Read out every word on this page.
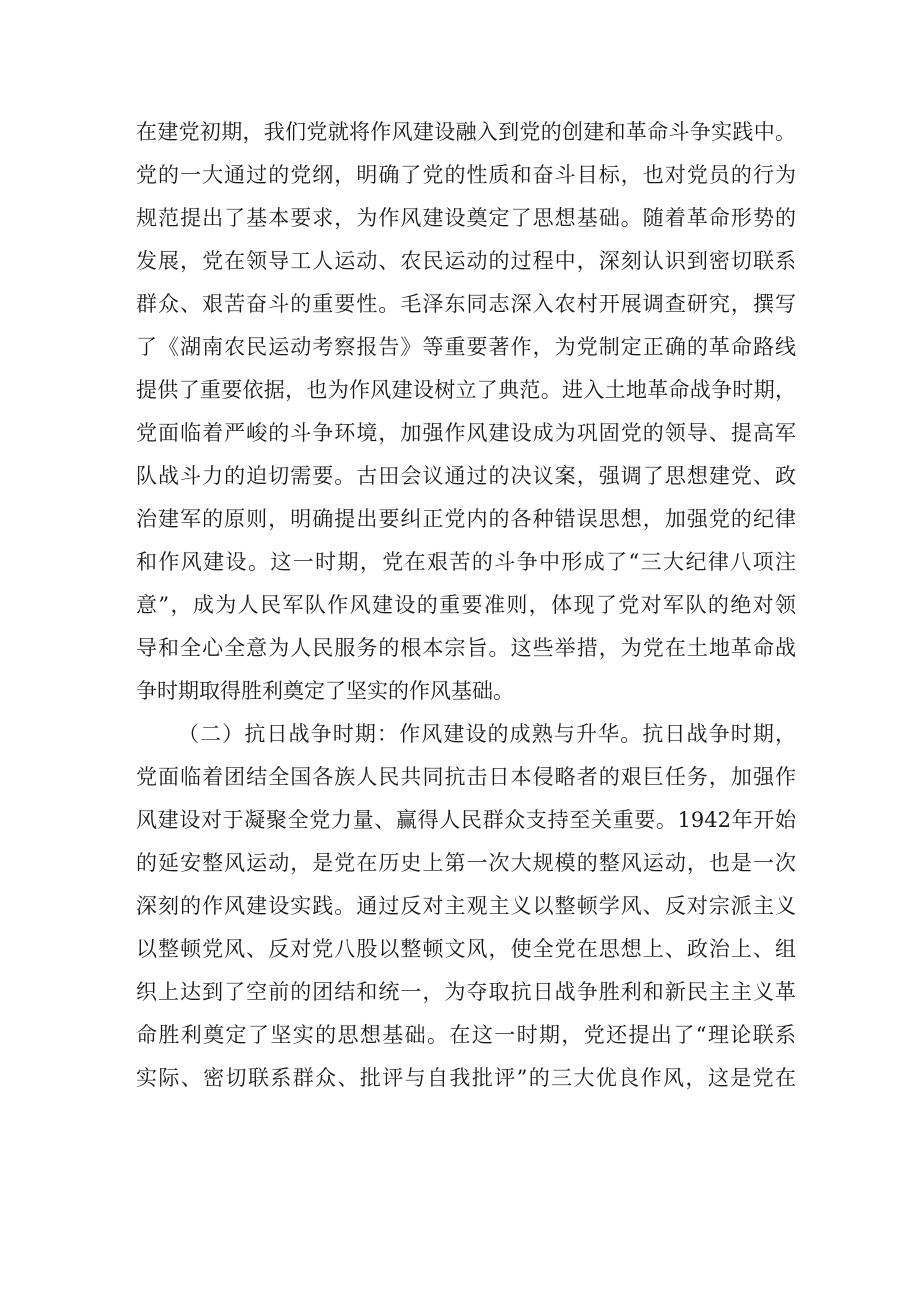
在建党初期，我们党就将作风建设融入到党的创建和革命斗争实践中。
党的一大通过的党纲，明确了党的性质和奋斗目标，也对党员的行为
规范提出了基本要求，为作风建设奠定了思想基础。随着革命形势的
发展，党在领导工人运动、农民运动的过程中，深刻认识到密切联系
群众、艰苦奋斗的重要性。毛泽东同志深入农村开展调查研究，撰写
了《湖南农民运动考察报告》等重要著作，为党制定正确的革命路线
提供了重要依据，也为作风建设树立了典范。进入土地革命战争时期，
党面临着严峻的斗争环境，加强作风建设成为巩固党的领导、提高军
队战斗力的迫切需要。古田会议通过的决议案，强调了思想建党、政
治建军的原则，明确提出要纠正党内的各种错误思想，加强党的纪律
和作风建设。这一时期，党在艰苦的斗争中形成了“三大纪律八项注
意”，成为人民军队作风建设的重要准则，体现了党对军队的绝对领
导和全心全意为人民服务的根本宗旨。这些举措，为党在土地革命战
争时期取得胜利奠定了坚实的作风基础。
（二）抗日战争时期：作风建设的成熟与升华。抗日战争时期，
党面临着团结全国各族人民共同抗击日本侵略者的艰巨任务，加强作
风建设对于凝聚全党力量、赢得人民群众支持至关重要。1942年开始
的延安整风运动，是党在历史上第一次大规模的整风运动，也是一次
深刻的作风建设实践。通过反对主观主义以整顿学风、反对宗派主义
以整顿党风、反对党八股以整顿文风，使全党在思想上、政治上、组
织上达到了空前的团结和统一，为夺取抗日战争胜利和新民主主义革
命胜利奠定了坚实的思想基础。在这一时期，党还提出了“理论联系
实际、密切联系群众、批评与自我批评”的三大优良作风，这是党在
